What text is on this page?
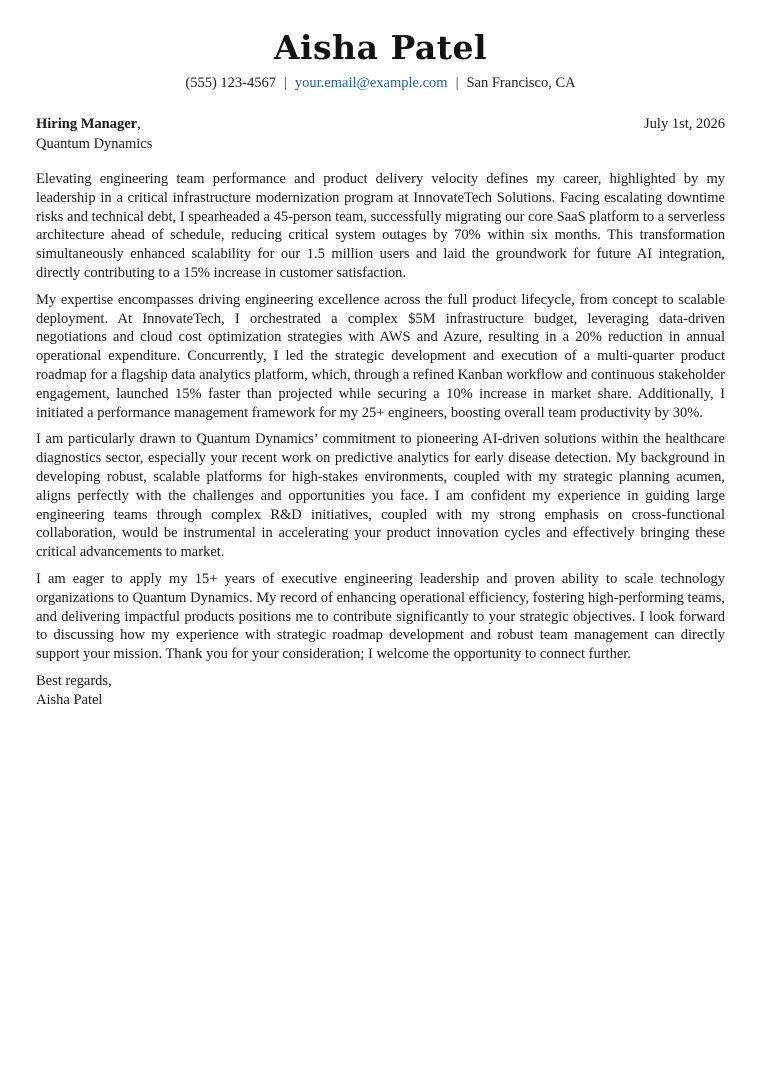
Aisha Patel
(555) 123-4567 | your.email@example.com | San Francisco, CA
Hiring Manager,	July 1st, 2026
Quantum Dynamics

Elevating engineering team performance and product delivery velocity defines my career, highlighted by my leadership in a critical infrastructure modernization program at InnovateTech Solutions. Facing escalating downtime risks and technical debt, I spearheaded a 45-person team, successfully migrating our core SaaS platform to a serverless architecture ahead of schedule, reducing critical system outages by 70% within six months. This transformation simultaneously enhanced scalability for our 1.5 million users and laid the groundwork for future AI integration, directly contributing to a 15% increase in customer satisfaction.

My expertise encompasses driving engineering excellence across the full product lifecycle, from concept to scalable deployment. At InnovateTech, I orchestrated a complex $5M infrastructure budget, leveraging data-driven negotiations and cloud cost optimization strategies with AWS and Azure, resulting in a 20% reduction in annual operational expenditure. Concurrently, I led the strategic development and execution of a multi-quarter product roadmap for a flagship data analytics platform, which, through a refined Kanban workflow and continuous stakeholder engagement, launched 15% faster than projected while securing a 10% increase in market share. Additionally, I initiated a performance management framework for my 25+ engineers, boosting overall team productivity by 30%.

I am particularly drawn to Quantum Dynamics’ commitment to pioneering AI-driven solutions within the healthcare diagnostics sector, especially your recent work on predictive analytics for early disease detection. My background in developing robust, scalable platforms for high-stakes environments, coupled with my strategic planning acumen, aligns perfectly with the challenges and opportunities you face. I am confident my experience in guiding large engineering teams through complex R&D initiatives, coupled with my strong emphasis on cross-functional collaboration, would be instrumental in accelerating your product innovation cycles and effectively bringing these critical advancements to market.

I am eager to apply my 15+ years of executive engineering leadership and proven ability to scale technology organizations to Quantum Dynamics. My record of enhancing operational efficiency, fostering high-performing teams, and delivering impactful products positions me to contribute significantly to your strategic objectives. I look forward to discussing how my experience with strategic roadmap development and robust team management can directly support your mission. Thank you for your consideration; I welcome the opportunity to connect further.

Best regards,
Aisha Patel
